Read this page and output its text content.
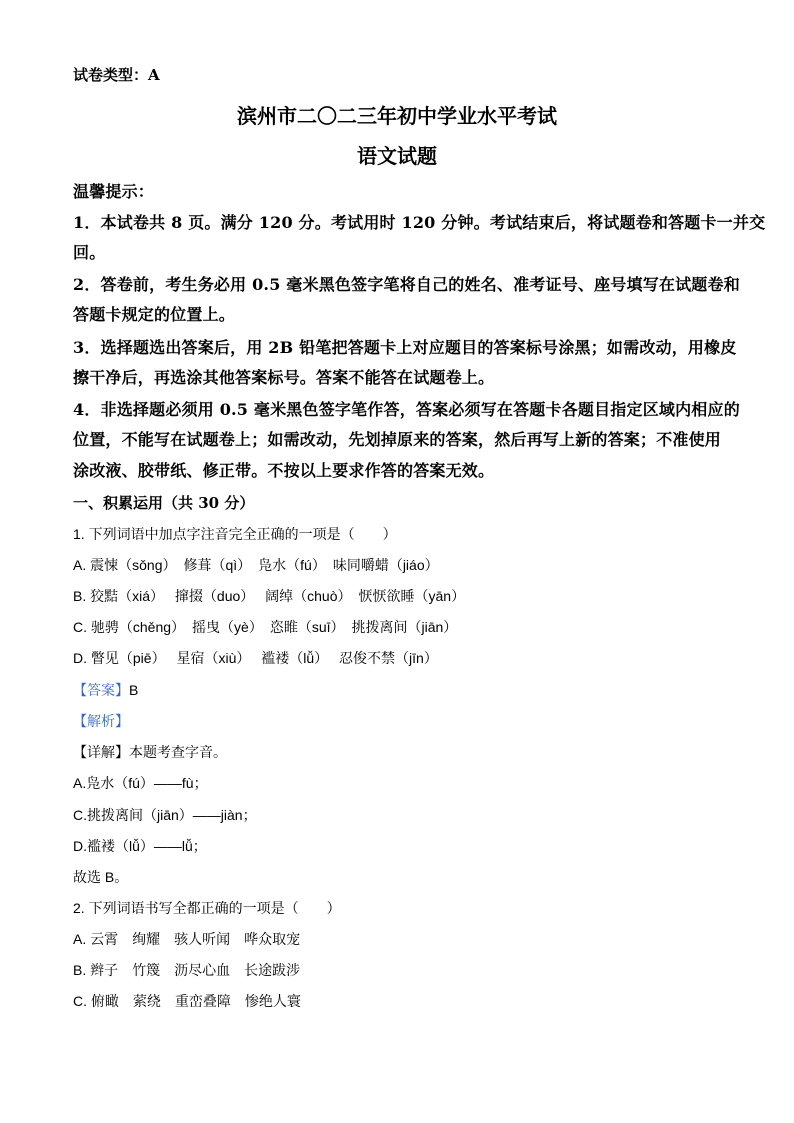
试卷类型：A
滨州市二〇二三年初中学业水平考试
语文试题
温馨提示：
1．本试卷共 8 页。满分 120 分。考试用时 120 分钟。考试结束后，将试题卷和答题卡一并交
回。
2．答卷前，考生务必用 0.5 毫米黑色签字笔将自己的姓名、准考证号、座号填写在试题卷和
答题卡规定的位置上。
3．选择题选出答案后，用 2B 铅笔把答题卡上对应题目的答案标号涂黑；如需改动，用橡皮
擦干净后，再选涂其他答案标号。答案不能答在试题卷上。
4．非选择题必须用 0.5 毫米黑色签字笔作答，答案必须写在答题卡各题目指定区域内相应的
位置，不能写在试题卷上；如需改动，先划掉原来的答案，然后再写上新的答案；不准使用
涂改液、胶带纸、修正带。不按以上要求作答的答案无效。
一、积累运用（共 30 分）
1. 下列词语中加点字注音完全正确的一项是（　　）
A. 震悚（sǒnɡ）　修葺（qì）　凫水（fú）　味同嚼蜡（jiáo）
B. 狡黠（xiá）　 撺掇（duo）　 阔绰（chuò）　恹恹欲睡（yān）
C. 驰骋（chěnɡ）　摇曳（yè）　恣睢（suī）　挑拨离间（jiān）
D. 瞥见（piē）　 星宿（xiù）　 褴褛（lǚ）　 忍俊不禁（jīn）
【答案】B
【解析】
【详解】本题考查字音。
A.凫水（fú）——fù；
C.挑拨离间（jiān）——jiàn；
D.褴褛（lǚ）——lǚ；
故选 B。
2. 下列词语书写全都正确的一项是（　　）
A. 云霄　绚耀　骇人听闻　哗众取宠
B. 辫子　竹篾　沥尽心血　长途跋涉
C. 俯瞰　萦绕　重峦叠障　惨绝人寰
